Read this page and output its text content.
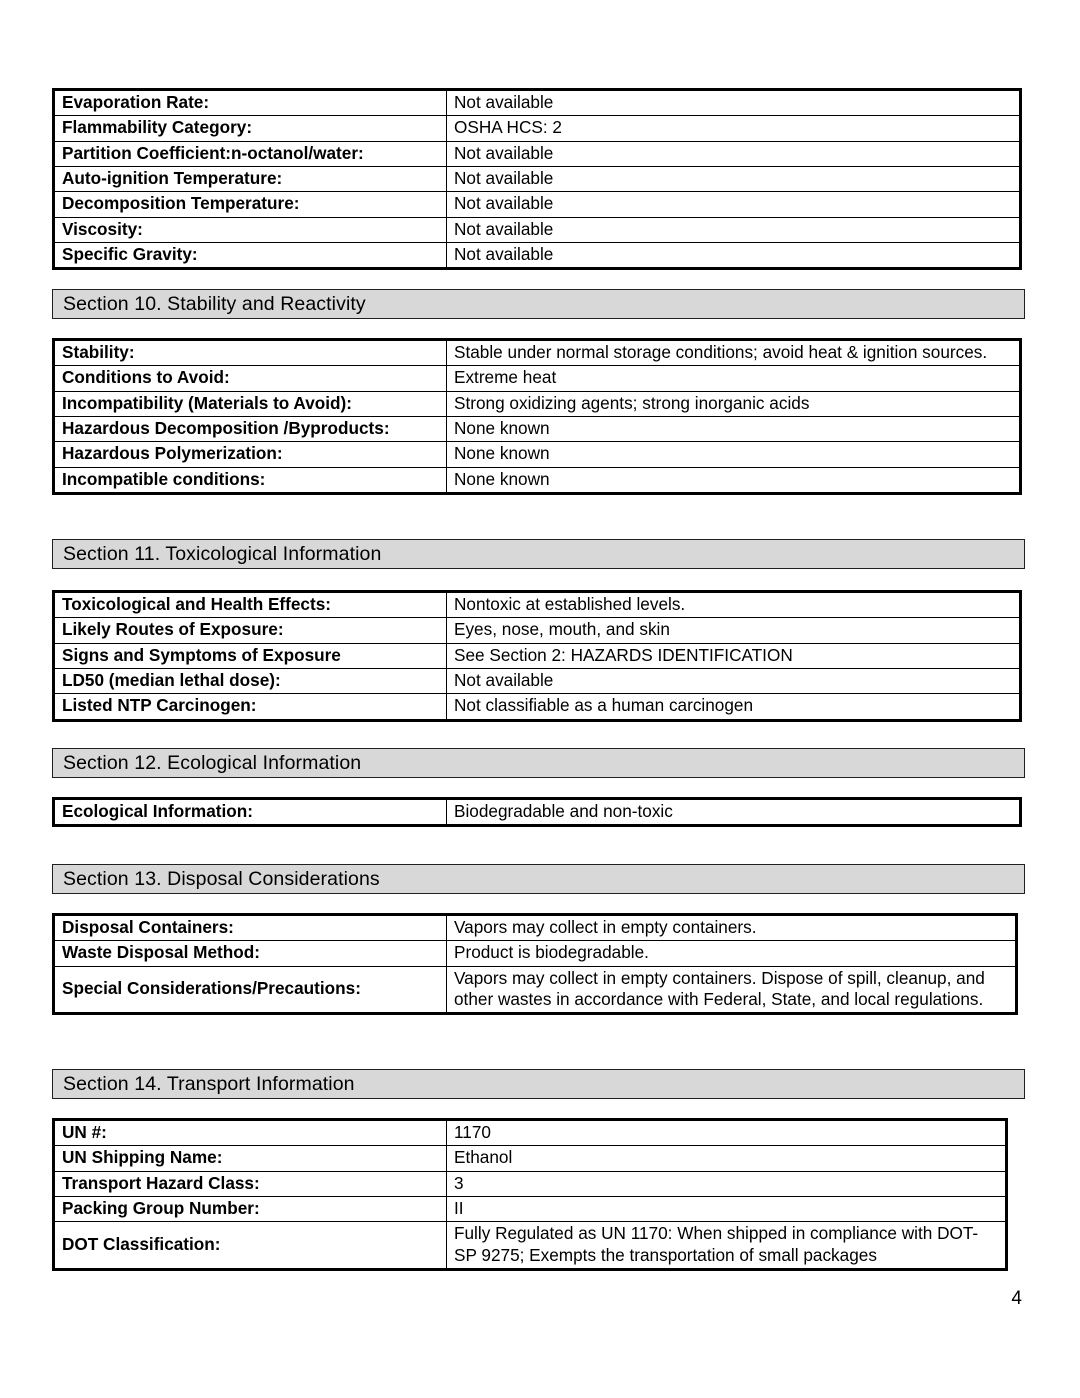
Evaporation Rate:	Not available
Flammability Category:	OSHA HCS: 2
Partition Coefficient:n-octanol/water:	Not available
Auto-ignition Temperature:	Not available
Decomposition Temperature:	Not available
Viscosity:	Not available
Specific Gravity:	Not available
Section 10. Stability and Reactivity
Stability:	Stable under normal storage conditions; avoid heat & ignition sources.
Conditions to Avoid:	Extreme heat
Incompatibility (Materials to Avoid):	Strong oxidizing agents; strong inorganic acids
Hazardous Decomposition /Byproducts:	None known
Hazardous Polymerization:	None known
Incompatible conditions:	None known
Section 11. Toxicological Information
Toxicological and Health Effects:	Nontoxic at established levels.
Likely Routes of Exposure:	Eyes, nose, mouth, and skin
Signs and Symptoms of Exposure	See Section 2: HAZARDS IDENTIFICATION
LD50 (median lethal dose):	Not available
Listed NTP Carcinogen:	Not classifiable as a human carcinogen
Section 12. Ecological Information
Ecological Information:	Biodegradable and non-toxic
Section 13. Disposal Considerations
Disposal Containers:	Vapors may collect in empty containers.
Waste Disposal Method:	Product is biodegradable.
Special Considerations/Precautions:	Vapors may collect in empty containers. Dispose of spill, cleanup, and other wastes in accordance with Federal, State, and local regulations.
Section 14. Transport Information
UN #:	1170
UN Shipping Name:	Ethanol
Transport Hazard Class:	3
Packing Group Number:	II
DOT Classification:	Fully Regulated as UN 1170: When shipped in compliance with DOT-SP 9275; Exempts the transportation of small packages
4
